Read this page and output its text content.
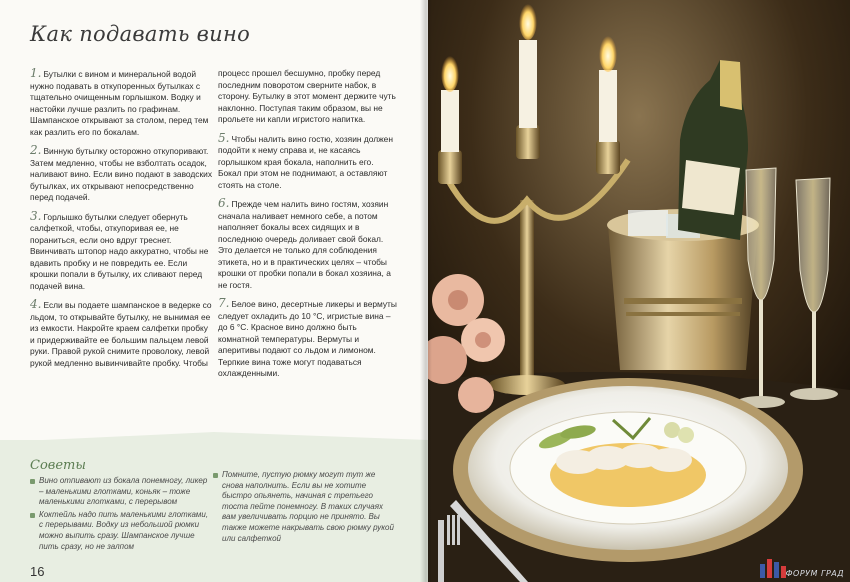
Как подавать вино

1. Бутылки с вином и минеральной водой нужно подавать в откупоренных бутылках с тщательно очищенным горлышком. Водку и настойки лучше разлить по графинам. Шампанское открывают за столом, перед тем как разлить его по бокалам.

2. Винную бутылку осторожно откупоривают. Затем медленно, чтобы не взболтать осадок, наливают вино. Если вино подают в заводских бутылках, их открывают непосредственно перед подачей.

3. Горлышко бутылки следует обернуть салфеткой, чтобы, откупоривая ее, не пораниться, если оно вдруг треснет. Ввинчивать штопор надо аккуратно, чтобы не вдавить пробку и не повредить ее. Если крошки попали в бутылку, их сливают перед подачей вина.

4. Если вы подаете шампанское в ведерке со льдом, то открывайте бутылку, не вынимая ее из емкости. Накройте краем салфетки пробку и придерживайте ее большим пальцем левой руки. Правой рукой снимите проволоку, левой рукой медленно вывинчивайте пробку. Чтобы

процесс прошел бесшумно, пробку перед последним поворотом сверните набок, в сторону. Бутылку в этот момент держите чуть наклонно. Поступая таким образом, вы не прольете ни капли игристого напитка.

5. Чтобы налить вино гостю, хозяин должен подойти к нему справа и, не касаясь горлышком края бокала, наполнить его. Бокал при этом не поднимают, а оставляют стоять на столе.

6. Прежде чем налить вино гостям, хозяин сначала наливает немного себе, а потом наполняет бокалы всех сидящих и в последнюю очередь доливает свой бокал. Это делается не только для соблюдения этикета, но и в практических целях – чтобы крошки от пробки попали в бокал хозяина, а не гостя.

7. Белое вино, десертные ликеры и вермуты следует охладить до 10 °С, игристые вина – до 6 °С. Красное вино должно быть комнатной температуры. Вермуты и аперитивы подают со льдом и лимоном. Терпкие вина тоже могут подаваться охлажденными.

Советы

Вино отпивают из бокала понемногу, ликер – маленькими глотками, коньяк – тоже маленькими глотками, с перерывом

Коктейль надо пить маленькими глотками, с перерывами. Водку из небольшой рюмки можно выпить сразу. Шампанское лучше пить сразу, но не залпом

Помните, пустую рюмку могут тут же снова наполнить. Если вы не хотите быстро опьянеть, начиная с третьего тоста пейте понемногу. В таких случаях вам увеличивать порцию не принято. Вы также можете накрывать свою рюмку рукой или салфеткой

16	ФОРУМ ГРАД
